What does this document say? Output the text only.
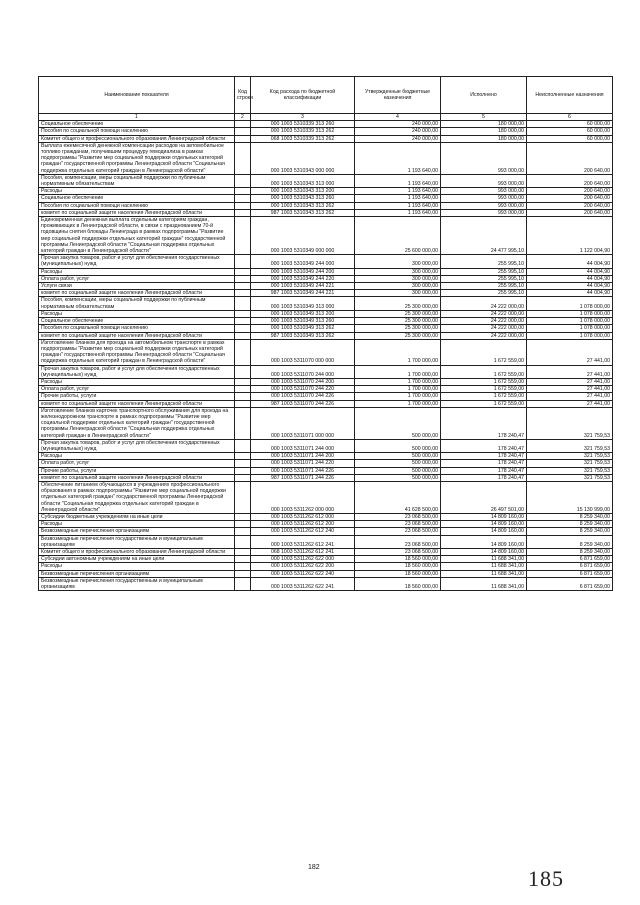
Наименование показателя	Код строки	Код расхода по бюджетной классификации	Утвержденные бюджетные назначения	Исполнено	Неисполненные назначения
1	2	3	4	5	6
Социальное обеспечение		000 1003 5310339 313 260	240 000,00	180 000,00	60 000,00
Пособия по социальной помощи населению		000 1003 5310339 313 262	240 000,00	180 000,00	60 000,00
Комитет общего и профессионального образования Ленинградской области		068 1003 5310339 313 262	240 000,00	180 000,00	60 000,00
Выплата ежемесячной денежной компенсации расходов на автомобильное топливо гражданам, получившим процедуру гемодиализа в рамках подпрограммы "Развитие мер социальной поддержки отдельных категорий граждан" государственной программы Ленинградской области "Социальная поддержка отдельных категорий граждан в Ленинградской области"		000 1003 5310343 000 000	1 193 640,00	993 000,00	200 640,00
Пособия, компенсации, меры социальной поддержки по публичным нормативным обязательствам		000 1003 5310343 313 000	1 193 640,00	993 000,00	200 640,00
Расходы		000 1003 5310343 313 200	1 193 640,00	993 000,00	200 640,00
Социальное обеспечение		000 1003 5310343 313 260	1 193 640,00	993 000,00	200 640,00
Пособия по социальной помощи населению		000 1003 5310343 313 262	1 193 640,00	993 000,00	200 640,00
комитет по социальной защите населения Ленинградской области		987 1003 5310343 313 262	1 193 640,00	993 000,00	200 640,00
Единовременная денежная выплата отдельным категориям граждан, проживающих в Ленинградской области, в связи с празднованием 70-й годовщины снятия блокады Ленинграда в рамках подпрограммы "Развитие мер социальной поддержки отдельных категорий граждан" государственной программы Ленинградской области "Социальная поддержка отдельных категорий граждан в Ленинградской области"		000 1003 5310349 000 000	25 600 000,00	24 477 995,10	1 122 004,90
Прочая закупка товаров, работ и услуг для обеспечения государственных (муниципальных) нужд		000 1003 5310349 244 000	300 000,00	255 995,10	44 004,90
Расходы		000 1003 5310349 244 200	300 000,00	255 995,10	44 004,90
Оплата работ, услуг		000 1003 5310349 244 220	300 000,00	255 995,10	44 004,90
Услуги связи		000 1003 5310349 244 221	300 000,00	255 995,10	44 004,90
комитет по социальной защите населения Ленинградской области		987 1003 5310349 244 221	300 000,00	255 995,10	44 004,90
Пособия, компенсации, меры социальной поддержки по публичным нормативным обязательствам		000 1003 5310349 313 000	25 300 000,00	24 222 000,00	1 078 000,00
Расходы		000 1003 5310349 313 200	25 300 000,00	24 222 000,00	1 078 000,00
Социальное обеспечение		000 1003 5310349 313 260	25 300 000,00	24 222 000,00	1 078 000,00
Пособия по социальной помощи населению		000 1003 5310349 313 262	25 300 000,00	24 222 000,00	1 078 000,00
комитет по социальной защите населения Ленинградской области		987 1003 5310349 313 262	25 300 000,00	24 222 000,00	1 078 000,00
Изготовление бланков для проезда на автомобильном транспорте в рамках подпрограммы "Развитие мер социальной поддержки отдельных категорий граждан" государственной программы Ленинградской области "Социальная поддержка отдельных категорий граждан в Ленинградской области"		000 1003 5311070 000 000	1 700 000,00	1 672 559,00	27 441,00
Прочая закупка товаров, работ и услуг для обеспечения государственных (муниципальных) нужд		000 1003 5311070 244 000	1 700 000,00	1 672 559,00	27 441,00
Расходы		000 1003 5311070 244 200	1 700 000,00	1 672 559,00	27 441,00
Оплата работ, услуг		000 1003 5311070 244 220	1 700 000,00	1 672 559,00	27 441,00
Прочие работы, услуги		000 1003 5311070 244 226	1 700 000,00	1 672 559,00	27 441,00
комитет по социальной защите населения Ленинградской области		987 1003 5311070 244 226	1 700 000,00	1 672 559,00	27 441,00
Изготовление бланков карточек транспортного обслуживания для проезда на железнодорожном транспорте в рамках подпрограммы "Развитие мер социальной поддержки отдельных категорий граждан" государственной программы Ленинградской области "Социальная поддержка отдельных категорий граждан в Ленинградской области"		000 1003 5311071 000 000	500 000,00	178 240,47	321 759,53
Прочая закупка товаров, работ и услуг для обеспечения государственных (муниципальных) нужд		000 1003 5311071 244 000	500 000,00	178 240,47	321 759,53
Расходы		000 1003 5311071 244 200	500 000,00	178 240,47	321 759,53
Оплата работ, услуг		000 1003 5311071 244 220	500 000,00	178 240,47	321 759,53
Прочие работы, услуги		000 1003 5311071 244 226	500 000,00	178 240,47	321 759,53
комитет по социальной защите населения Ленинградской области		987 1003 5311071 244 226	500 000,00	178 240,47	321 759,53
Обеспечение питанием обучающихся в учреждениях профессионального образования в рамках подпрограммы "Развитие мер социальной поддержки отдельных категорий граждан" государственной программы Ленинградской области "Социальная поддержка отдельных категорий граждан в Ленинградской области"		000 1003 5311262 000 000	41 628 500,00	26 497 501,00	15 130 999,00
Субсидии бюджетным учреждениям на иные цели		000 1003 5311262 612 000	23 068 500,00	14 809 160,00	8 259 340,00
Расходы		000 1003 5311262 612 200	23 068 500,00	14 809 160,00	8 259 340,00
Безвозмездные перечисления организациям		000 1003 5311262 612 240	23 068 500,00	14 809 160,00	8 259 340,00
Безвозмездные перечисления государственным и муниципальным организациям		000 1003 5311262 612 241	23 068 500,00	14 809 160,00	8 259 340,00
Комитет общего и профессионального образования Ленинградской области		068 1003 5311262 612 241	23 068 500,00	14 809 160,00	8 259 340,00
Субсидии автономным учреждениям на иные цели		000 1003 5311262 622 000	18 560 000,00	11 688 341,00	6 871 659,00
Расходы		000 1003 5311262 622 200	18 560 000,00	11 688 341,00	6 871 659,00
Безвозмездные перечисления организациям		000 1003 5311262 622 240	18 560 000,00	11 688 341,00	6 871 659,00
Безвозмездные перечисления государственным и муниципальным организациям		000 1003 5311262 622 241	18 560 000,00	11 688 341,00	6 871 659,00
182	185
